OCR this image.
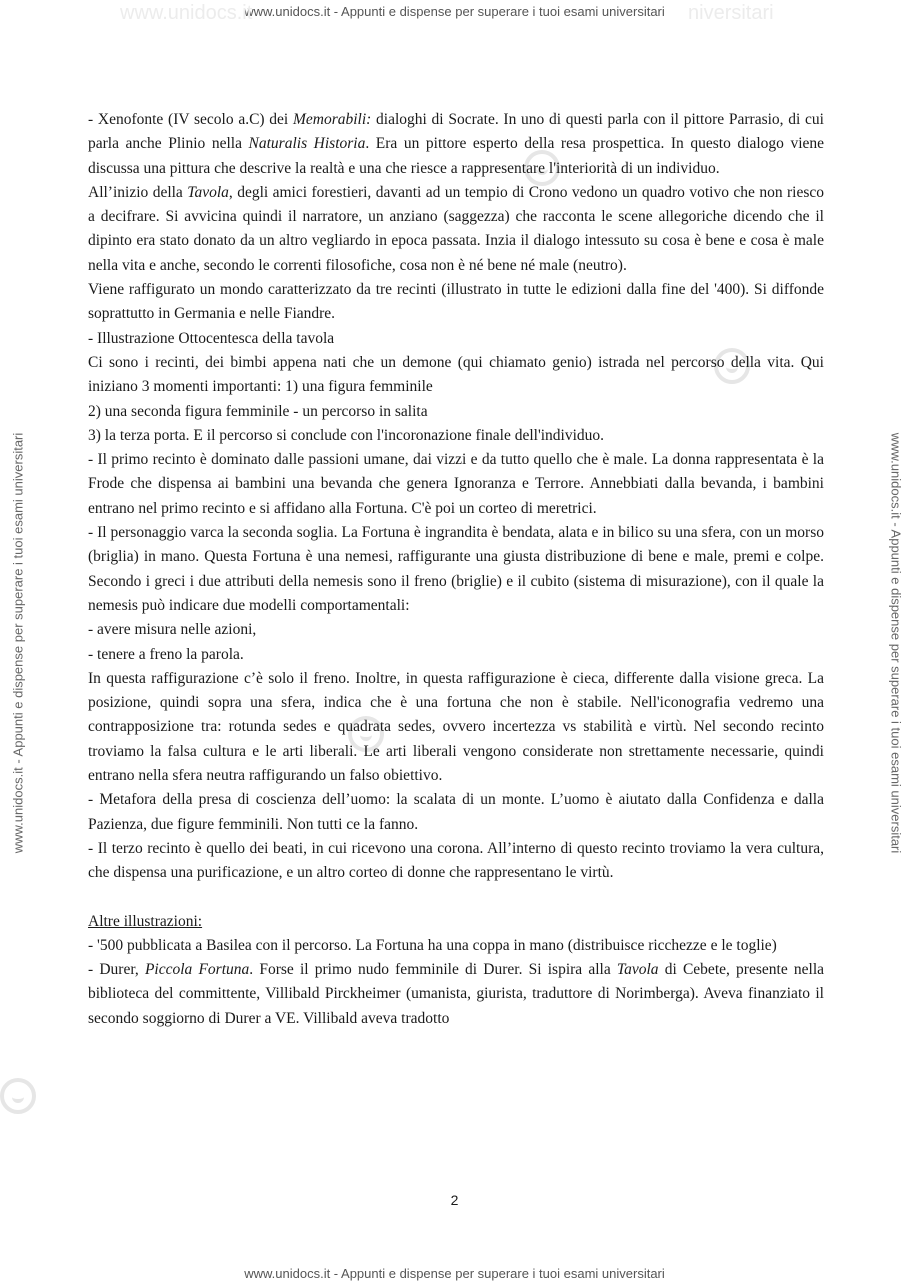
www.unidocs.it - Appunti e dispense per superare i tuoi esami universitari
www.unidocs.it	niversitari
www.unidocs.it - Appunti e dispense per superare i tuoi esami universitari	www.unidocs.it - Appunti e dispense per superare i tuoi esami universitari

- Xenofonte (IV secolo a.C) dei Memorabili: dialoghi di Socrate. In uno di questi parla con il pittore Parrasio, di cui parla anche Plinio nella Naturalis Historia. Era un pittore esperto della resa prospettica. In questo dialogo viene discussa una pittura che descrive la realtà e una che riesce a rappresentare l'interiorità di un individuo.

All’inizio della Tavola, degli amici forestieri, davanti ad un tempio di Crono vedono un quadro votivo che non riesco a decifrare. Si avvicina quindi il narratore, un anziano (saggezza) che racconta le scene allegoriche dicendo che il dipinto era stato donato da un altro vegliardo in epoca passata. Inzia il dialogo intessuto su cosa è bene e cosa è male nella vita e anche, secondo le correnti filosofiche, cosa non è né bene né male (neutro).

Viene raffigurato un mondo caratterizzato da tre recinti (illustrato in tutte le edizioni dalla fine del '400). Si diffonde soprattutto in Germania e nelle Fiandre.

- Illustrazione Ottocentesca della tavola

Ci sono i recinti, dei bimbi appena nati che un demone (qui chiamato genio) istrada nel percorso della vita. Qui iniziano 3 momenti importanti: 1) una figura femminile

2) una seconda figura femminile - un percorso in salita

3) la terza porta. E il percorso si conclude con l'incoronazione finale dell'individuo.

- Il primo recinto è dominato dalle passioni umane, dai vizzi e da tutto quello che è male. La donna rappresentata è la Frode che dispensa ai bambini una bevanda che genera Ignoranza e Terrore. Annebbiati dalla bevanda, i bambini entrano nel primo recinto e si affidano alla Fortuna. C'è poi un corteo di meretrici.

- Il personaggio varca la seconda soglia. La Fortuna è ingrandita è bendata, alata e in bilico su una sfera, con un morso (briglia) in mano. Questa Fortuna è una nemesi, raffigurante una giusta distribuzione di bene e male, premi e colpe. Secondo i greci i due attributi della nemesis sono il freno (briglie) e il cubito (sistema di misurazione), con il quale la nemesis può indicare due modelli comportamentali:

- avere misura nelle azioni,

- tenere a freno la parola.

In questa raffigurazione c’è solo il freno. Inoltre, in questa raffigurazione è cieca, differente dalla visione greca. La posizione, quindi sopra una sfera, indica che è una fortuna che non è stabile. Nell'iconografia vedremo una contrapposizione tra: rotunda sedes e quadrata sedes, ovvero incertezza vs stabilità e virtù. Nel secondo recinto troviamo la falsa cultura e le arti liberali. Le arti liberali vengono considerate non strettamente necessarie, quindi entrano nella sfera neutra raffigurando un falso obiettivo.

- Metafora della presa di coscienza dell’uomo: la scalata di un monte. L’uomo è aiutato dalla Confidenza e dalla Pazienza, due figure femminili. Non tutti ce la fanno.

- Il terzo recinto è quello dei beati, in cui ricevono una corona. All’interno di questo recinto troviamo la vera cultura, che dispensa una purificazione, e un altro corteo di donne che rappresentano le virtù.

Altre illustrazioni:

- '500 pubblicata a Basilea con il percorso. La Fortuna ha una coppa in mano (distribuisce ricchezze e le toglie)

- Durer, Piccola Fortuna. Forse il primo nudo femminile di Durer. Si ispira alla Tavola di Cebete, presente nella biblioteca del committente, Villibald Pirckheimer (umanista, giurista, traduttore di Norimberga). Aveva finanziato il secondo soggiorno di Durer a VE. Villibald aveva tradotto

2
www.unidocs.it - Appunti e dispense per superare i tuoi esami universitari
